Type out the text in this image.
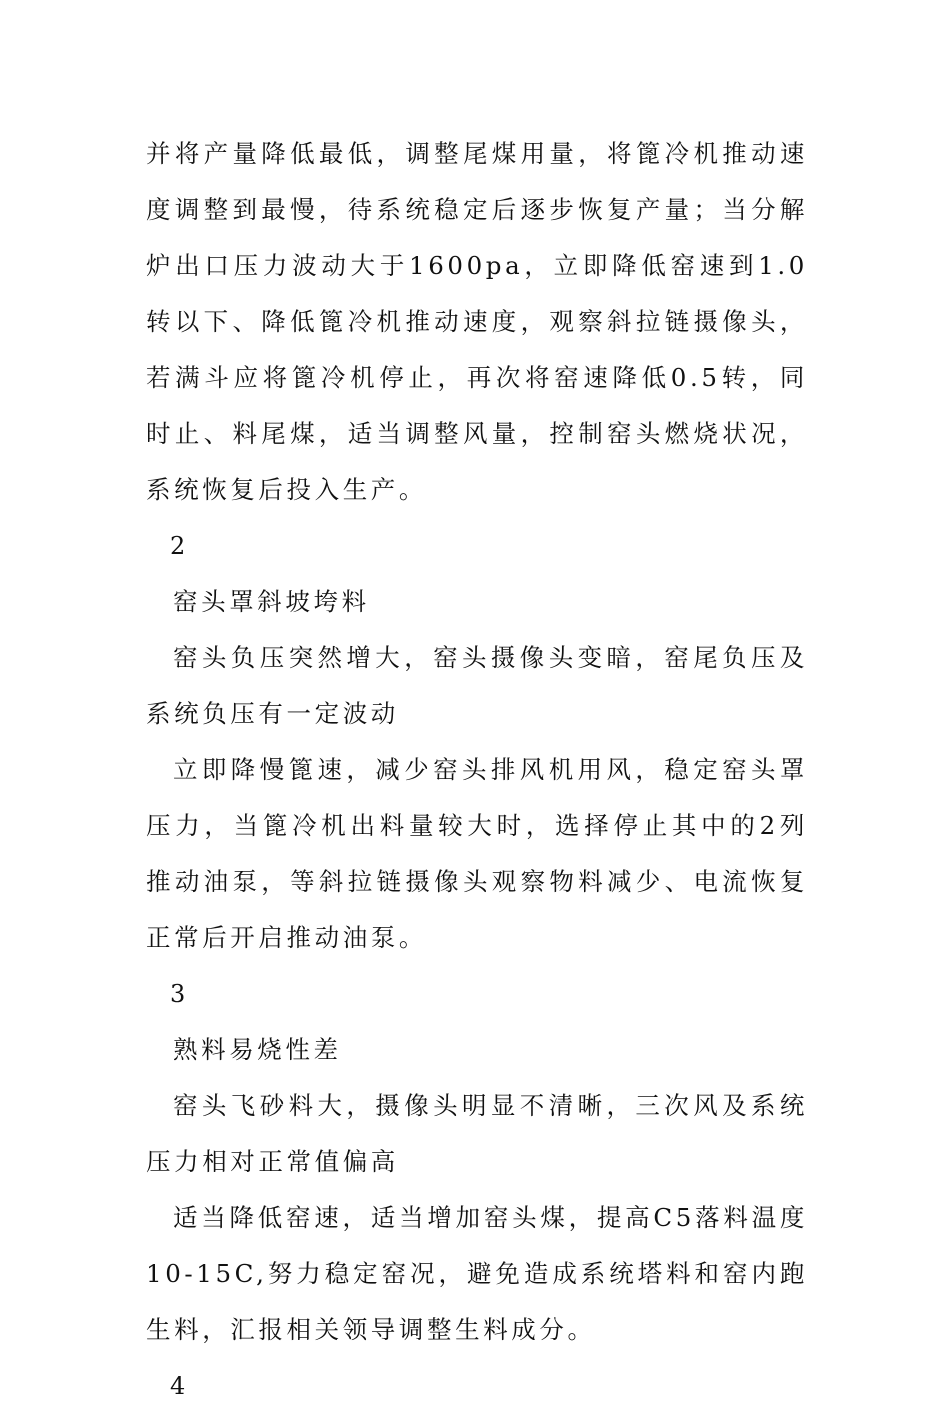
并将产量降低最低，调整尾煤用量，将篦冷机推动速度调整到最慢，待系统稳定后逐步恢复产量；当分解炉出口压力波动大于1600pa，立即降低窑速到1.0转以下、降低篦冷机推动速度，观察斜拉链摄像头，若满斗应将篦冷机停止，再次将窑速降低0.5转，同时止、料尾煤，适当调整风量，控制窑头燃烧状况，系统恢复后投入生产。

2

窑头罩斜坡垮料

窑头负压突然增大，窑头摄像头变暗，窑尾负压及系统负压有一定波动

立即降慢篦速，减少窑头排风机用风，稳定窑头罩压力，当篦冷机出料量较大时，选择停止其中的2列推动油泵，等斜拉链摄像头观察物料减少、电流恢复正常后开启推动油泵。

3

熟料易烧性差

窑头飞砂料大，摄像头明显不清晰，三次风及系统压力相对正常值偏高

适当降低窑速，适当增加窑头煤，提高C5落料温度10-15C,努力稳定窑况，避免造成系统塔料和窑内跑生料，汇报相关领导调整生料成分。

4
